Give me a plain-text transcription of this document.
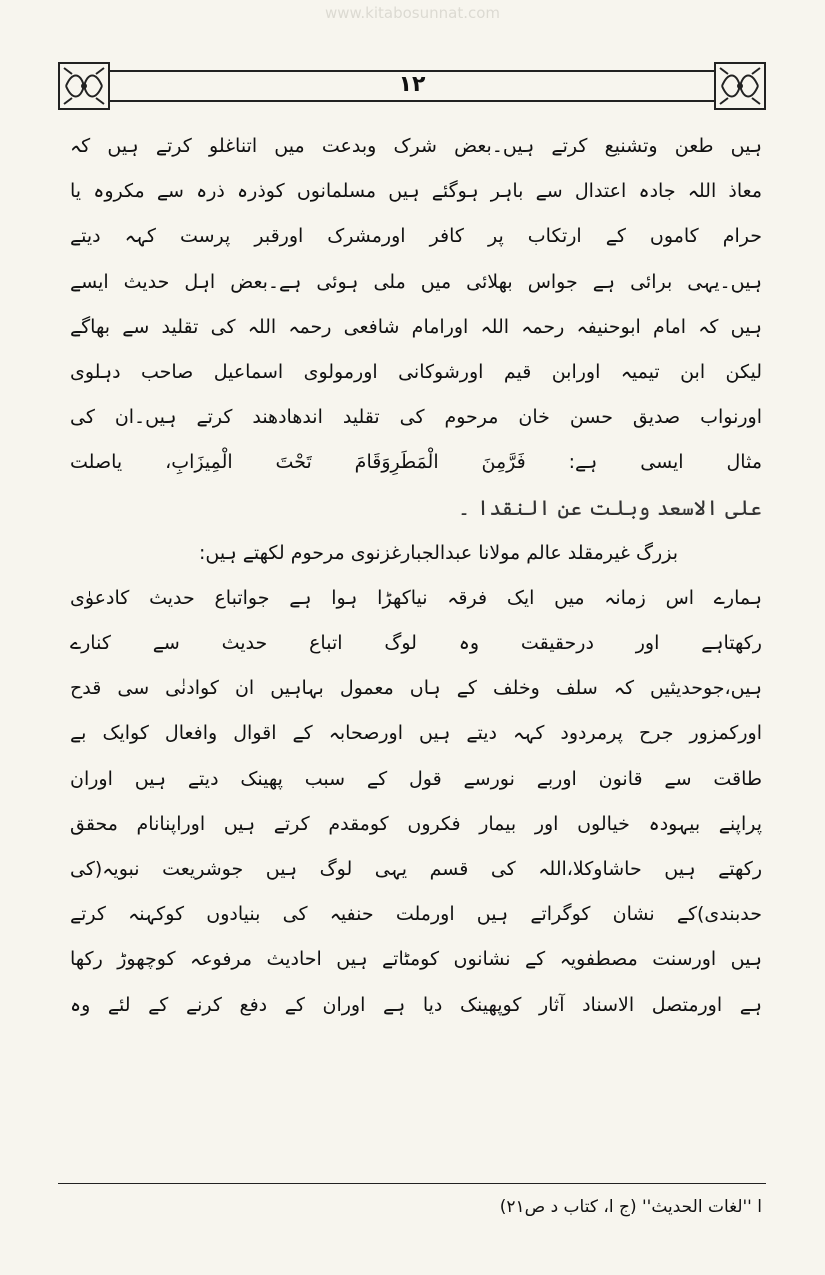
www.kitabosunnat.com
۱۲
ہیں طعن وتشنیع کرتے ہیں۔بعض شرک وبدعت میں اتناغلو کرتے ہیں کہ
معاذ اللہ جادہ اعتدال سے باہر ہوگئے ہیں مسلمانوں کوذرہ ذرہ سے مکروہ یا
حرام کاموں کے ارتکاب پر کافر اورمشرک اورقبر پرست کہہ دیتے
ہیں۔یہی برائی ہے جواس بھلائی میں ملی ہوئی ہے۔بعض اہل حدیث ایسے
ہیں کہ امام ابوحنیفہ رحمہ اللہ اورامام شافعی رحمہ اللہ کی تقلید سے بھاگے
لیکن ابن تیمیہ اورابن قیم اورشوکانی اورمولوی اسماعیل صاحب دہلوی
اورنواب صدیق حسن خان مرحوم کی تقلید اندھادھند کرتے ہیں۔ان کی
مثال ایسی ہے: فَرَّمِنَ الْمَطَرِوَقَامَ تَحْتَ الْمِيزَابِ، یاصلت
علی الاسعد وبلت عن النقدا ۔
بزرگ غیرمقلد عالم مولانا عبدالجبارغزنوی مرحوم لکھتے ہیں:
ہمارے اس زمانہ میں ایک فرقہ نیاکھڑا ہوا ہے جواتباع حدیث کادعوٰی
رکھتاہے اور درحقیقت وہ لوگ اتباع حدیث سے کنارے
ہیں،جوحدیثیں کہ سلف وخلف کے ہاں معمول بہاہیں ان کوادنٰی سی قدح
اورکمزور جرح پرمردود کہہ دیتے ہیں اورصحابہ کے اقوال وافعال کوایک بے
طاقت سے قانون اوربے نورسے قول کے سبب پھینک دیتے ہیں اوران
پراپنے بیہودہ خیالوں اور بیمار فکروں کومقدم کرتے ہیں اوراپنانام محقق
رکھتے ہیں حاشاوکلا،اللہ کی قسم یہی لوگ ہیں جوشریعت نبویہ(کی
حدبندی)کے نشان کوگراتے ہیں اورملت حنفیہ کی بنیادوں کوکہنہ کرتے
ہیں اورسنت مصطفویہ کے نشانوں کومٹاتے ہیں احادیث مرفوعہ کوچھوڑ رکھا
ہے اورمتصل الاسناد آثار کوپھینک دیا ہے اوران کے دفع کرنے کے لئے وہ
ا ''لغات الحدیث'' (ج ا، کتاب د ص۲۱)
